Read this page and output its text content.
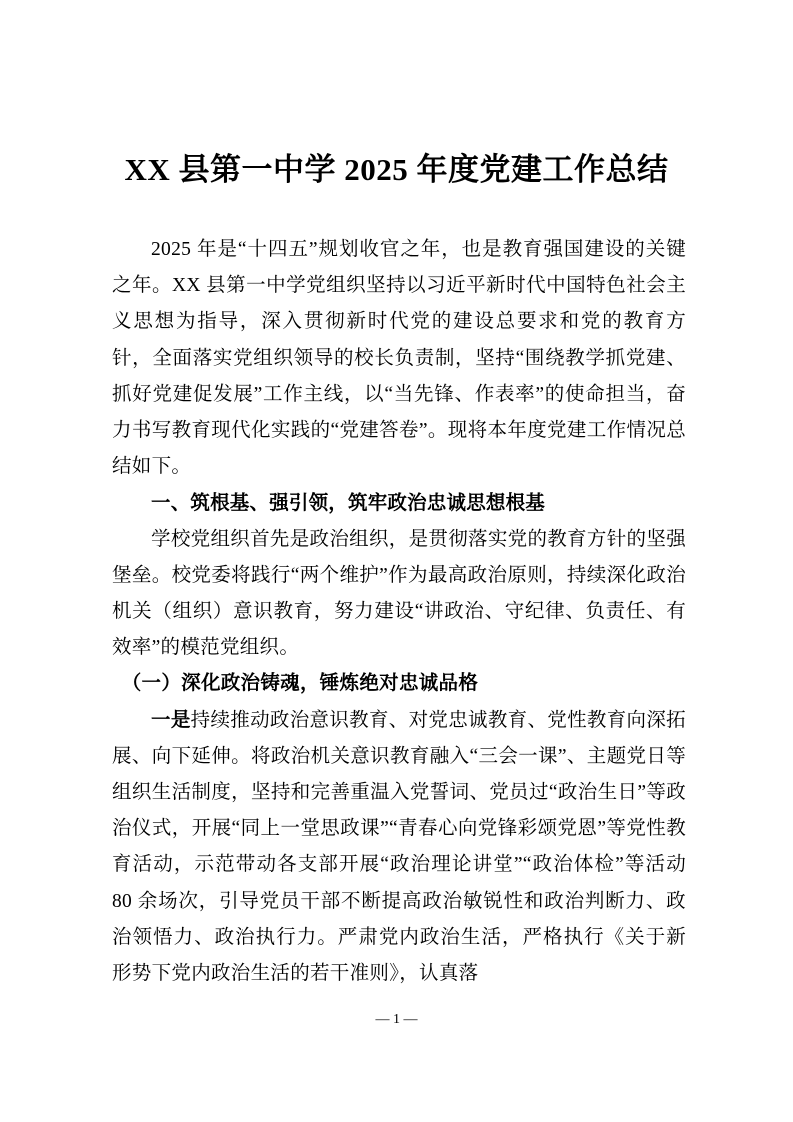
XX 县第一中学 2025 年度党建工作总结

2025 年是“十四五”规划收官之年，也是教育强国建设的关键之年。XX 县第一中学党组织坚持以习近平新时代中国特色社会主义思想为指导，深入贯彻新时代党的建设总要求和党的教育方针，全面落实党组织领导的校长负责制，坚持“围绕教学抓党建、抓好党建促发展”工作主线，以“当先锋、作表率”的使命担当，奋力书写教育现代化实践的“党建答卷”。现将本年度党建工作情况总结如下。

一、筑根基、强引领，筑牢政治忠诚思想根基

学校党组织首先是政治组织，是贯彻落实党的教育方针的坚强堡垒。校党委将践行“两个维护”作为最高政治原则，持续深化政治机关（组织）意识教育，努力建设“讲政治、守纪律、负责任、有效率”的模范党组织。

（一）深化政治铸魂，锤炼绝对忠诚品格

一是持续推动政治意识教育、对党忠诚教育、党性教育向深拓展、向下延伸。将政治机关意识教育融入“三会一课”、主题党日等组织生活制度，坚持和完善重温入党誓词、党员过“政治生日”等政治仪式，开展“同上一堂思政课”“青春心向党锋彩颂党恩”等党性教育活动，示范带动各支部开展“政治理论讲堂”“政治体检”等活动 80 余场次，引导党员干部不断提高政治敏锐性和政治判断力、政治领悟力、政治执行力。严肃党内政治生活，严格执行《关于新形势下党内政治生活的若干准则》，认真落

— 1 —
